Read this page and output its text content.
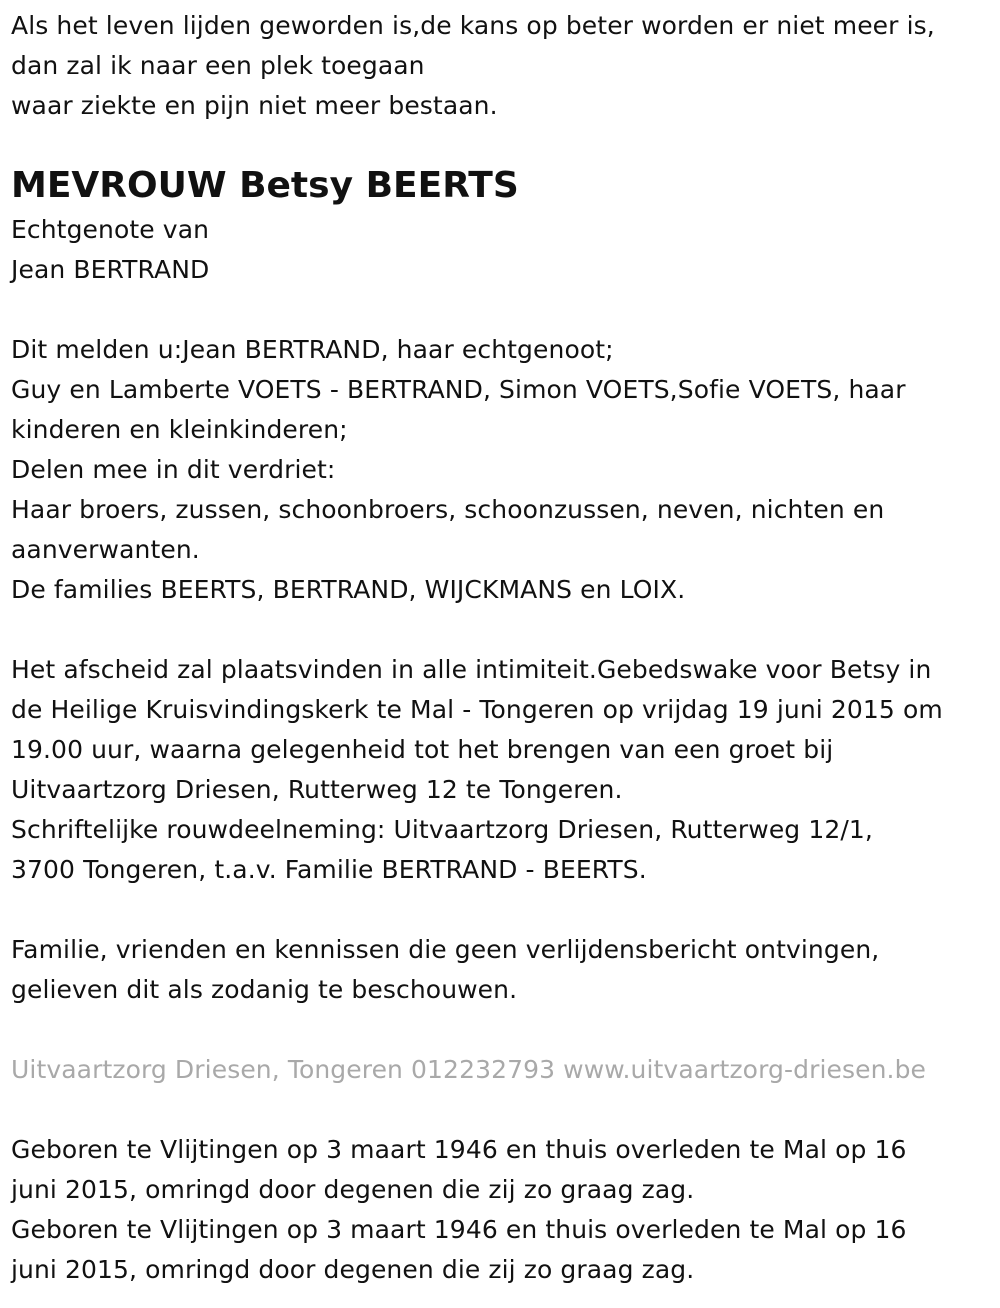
Als het leven lijden geworden is,de kans op beter worden er niet meer is,
dan zal ik naar een plek toegaan
waar ziekte en pijn niet meer bestaan.
MEVROUW Betsy BEERTS
Echtgenote van
Jean BERTRAND
Dit melden u:Jean BERTRAND, haar echtgenoot;
Guy en Lamberte VOETS - BERTRAND, Simon VOETS,Sofie VOETS, haar
kinderen en kleinkinderen;
Delen mee in dit verdriet:
Haar broers, zussen, schoonbroers, schoonzussen, neven, nichten en
aanverwanten.
De families BEERTS, BERTRAND, WIJCKMANS en LOIX.
Het afscheid zal plaatsvinden in alle intimiteit.Gebedswake voor Betsy in
de Heilige Kruisvindingskerk te Mal - Tongeren op vrijdag 19 juni 2015 om
19.00 uur, waarna gelegenheid tot het brengen van een groet bij
Uitvaartzorg Driesen, Rutterweg 12 te Tongeren.
Schriftelijke rouwdeelneming: Uitvaartzorg Driesen, Rutterweg 12/1,
3700 Tongeren, t.a.v. Familie BERTRAND - BEERTS.
Familie, vrienden en kennissen die geen verlijdensbericht ontvingen,
gelieven dit als zodanig te beschouwen.
Uitvaartzorg Driesen, Tongeren 012232793 www.uitvaartzorg-driesen.be
Geboren te Vlijtingen op 3 maart 1946 en thuis overleden te Mal op 16
juni 2015, omringd door degenen die zij zo graag zag.
Geboren te Vlijtingen op 3 maart 1946 en thuis overleden te Mal op 16
juni 2015, omringd door degenen die zij zo graag zag.
